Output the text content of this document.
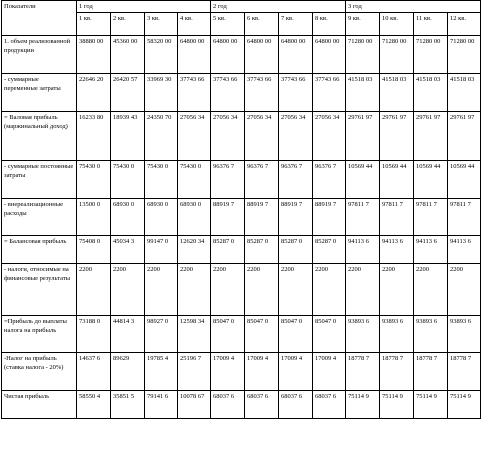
Показатели	1 год				2 год				3 год			
	1 кв.	2 кв.	3 кв.	4 кв.	5 кв.	6 кв.	7 кв.	8 кв.	9 кв.	10 кв.	11 кв.	12 кв.
1. объем реализованной продукции	38880 00	45360 00	58320 00	64800 00	64800 00	64800 00	64800 00	64800 00	71280 00	71280 00	71280 00	71280 00
- суммарные переменные затраты	22646 20	26420 57	33969 30	37743 66	37743 66	37743 66	37743 66	37743 66	41518 03	41518 03	41518 03	41518 03
= Валовая прибыль (маржинальный доход)	16233 80	18939 43	24350 70	27056 34	27056 34	27056 34	27056 34	27056 34	29761 97	29761 97	29761 97	29761 97
- суммарные постоянные затраты	75430 0	75430 0	75430 0	75430 0	96376 7	96376 7	96376 7	96376 7	10569 44	10569 44	10569 44	10569 44
- внереализационные расходы	13500 0	68930 0	68930 0	68930 0	88919 7	88919 7	88919 7	88919 7	97811 7	97811 7	97811 7	97811 7
= Балансовая прибыль	75408 0	45034 3	99147 0	12620 34	85287 0	85287 0	85287 0	85287 0	94113 6	94113 6	94113 6	94113 6
- налоги, относимые на финансовые результаты	2200	2200	2200	2200	2200	2200	2200	2200	2200	2200	2200	2200
=Прибыль до выплаты налога на прибыль	73188 0	44814 3	98927 0	12598 34	85047 0	85047 0	85047 0	85047 0	93893 6	93893 6	93893 6	93893 6
-Налог на прибыль (ставка налога - 20%)	14637 6	89629	19785 4	25196 7	17009 4	17009 4	17009 4	17009 4	18778 7	18778 7	18778 7	18778 7
Чистая прибыль	58550 4	35851 5	79141 6	10078 67	68037 6	68037 6	68037 6	68037 6	75114 9	75114 9	75114 9	75114 9
